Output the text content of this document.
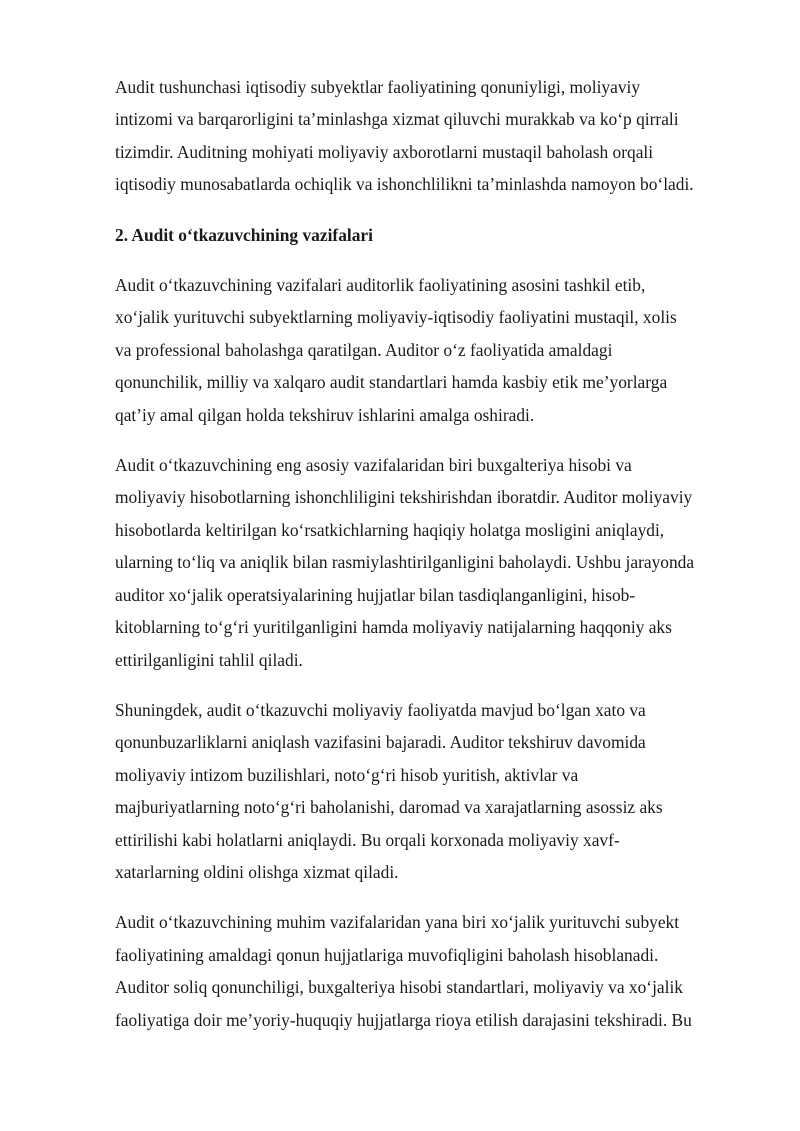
Audit tushunchasi iqtisodiy subyektlar faoliyatining qonuniyligi, moliyaviy
intizomi va barqarorligini ta’minlashga xizmat qiluvchi murakkab va ko‘p qirrali
tizimdir. Auditning mohiyati moliyaviy axborotlarni mustaqil baholash orqali
iqtisodiy munosabatlarda ochiqlik va ishonchlilikni ta’minlashda namoyon bo‘ladi.

2. Audit o‘tkazuvchining vazifalari

Audit o‘tkazuvchining vazifalari auditorlik faoliyatining asosini tashkil etib,
xo‘jalik yurituvchi subyektlarning moliyaviy-iqtisodiy faoliyatini mustaqil, xolis
va professional baholashga qaratilgan. Auditor o‘z faoliyatida amaldagi
qonunchilik, milliy va xalqaro audit standartlari hamda kasbiy etik me’yorlarga
qat’iy amal qilgan holda tekshiruv ishlarini amalga oshiradi.

Audit o‘tkazuvchining eng asosiy vazifalaridan biri buxgalteriya hisobi va
moliyaviy hisobotlarning ishonchliligini tekshirishdan iboratdir. Auditor moliyaviy
hisobotlarda keltirilgan ko‘rsatkichlarning haqiqiy holatga mosligini aniqlaydi,
ularning to‘liq va aniqlik bilan rasmiylashtirilganligini baholaydi. Ushbu jarayonda
auditor xo‘jalik operatsiyalarining hujjatlar bilan tasdiqlanganligini, hisob-
kitoblarning to‘g‘ri yuritilganligini hamda moliyaviy natijalarning haqqoniy aks
ettirilganligini tahlil qiladi.

Shuningdek, audit o‘tkazuvchi moliyaviy faoliyatda mavjud bo‘lgan xato va
qonunbuzarliklarni aniqlash vazifasini bajaradi. Auditor tekshiruv davomida
moliyaviy intizom buzilishlari, noto‘g‘ri hisob yuritish, aktivlar va
majburiyatlarning noto‘g‘ri baholanishi, daromad va xarajatlarning asossiz aks
ettirilishi kabi holatlarni aniqlaydi. Bu orqali korxonada moliyaviy xavf-
xatarlarning oldini olishga xizmat qiladi.

Audit o‘tkazuvchining muhim vazifalaridan yana biri xo‘jalik yurituvchi subyekt
faoliyatining amaldagi qonun hujjatlariga muvofiqligini baholash hisoblanadi.
Auditor soliq qonunchiligi, buxgalteriya hisobi standartlari, moliyaviy va xo‘jalik
faoliyatiga doir me’yoriy-huquqiy hujjatlarga rioya etilish darajasini tekshiradi. Bu
